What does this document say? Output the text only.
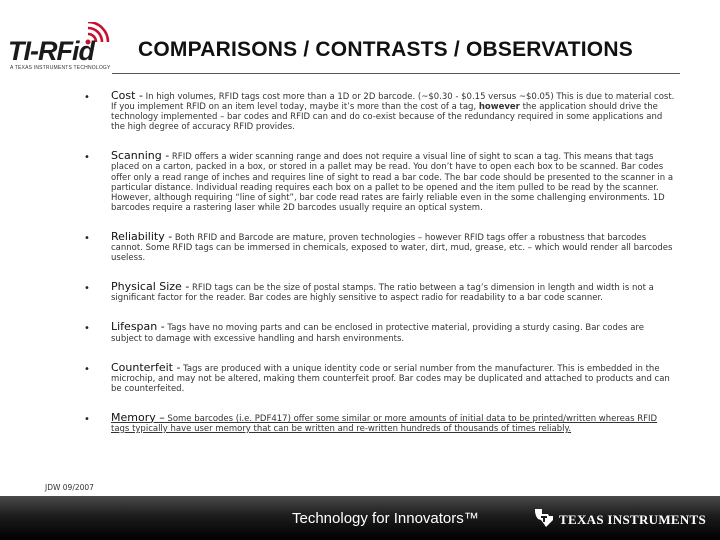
TI-RFid
A TEXAS INSTRUMENTS TECHNOLOGY
COMPARISONS / CONTRASTS / OBSERVATIONS
• Cost - In high volumes, RFID tags cost more than a 1D or 2D barcode. (~$0.30 - $0.15 versus ~$0.05) This is due to material cost. If you implement RFID on an item level today, maybe it’s more than the cost of a tag, however the application should drive the technology implemented – bar codes and RFID can and do co-exist because of the redundancy required in some applications and the high degree of accuracy RFID provides.
• Scanning - RFID offers a wider scanning range and does not require a visual line of sight to scan a tag. This means that tags placed on a carton, packed in a box, or stored in a pallet may be read. You don’t have to open each box to be scanned. Bar codes offer only a read range of inches and requires line of sight to read a bar code. The bar code should be presented to the scanner in a particular distance. Individual reading requires each box on a pallet to be opened and the item pulled to be read by the scanner. However, although requiring “line of sight”, bar code read rates are fairly reliable even in the some challenging environments. 1D barcodes require a rastering laser while 2D barcodes usually require an optical system.
• Reliability - Both RFID and Barcode are mature, proven technologies – however RFID tags offer a robustness that barcodes cannot. Some RFID tags can be immersed in chemicals, exposed to water, dirt, mud, grease, etc. – which would render all barcodes useless.
• Physical Size - RFID tags can be the size of postal stamps. The ratio between a tag’s dimension in length and width is not a significant factor for the reader. Bar codes are highly sensitive to aspect radio for readability to a bar code scanner.
• Lifespan - Tags have no moving parts and can be enclosed in protective material, providing a sturdy casing. Bar codes are subject to damage with excessive handling and harsh environments.
• Counterfeit - Tags are produced with a unique identity code or serial number from the manufacturer. This is embedded in the microchip, and may not be altered, making them counterfeit proof. Bar codes may be duplicated and attached to products and can be counterfeited.
• Memory – Some barcodes (i.e. PDF417) offer some similar or more amounts of initial data to be printed/written whereas RFID tags typically have user memory that can be written and re-written hundreds of thousands of times reliably.
JDW 09/2007
Technology for Innovators™	TEXAS INSTRUMENTS
